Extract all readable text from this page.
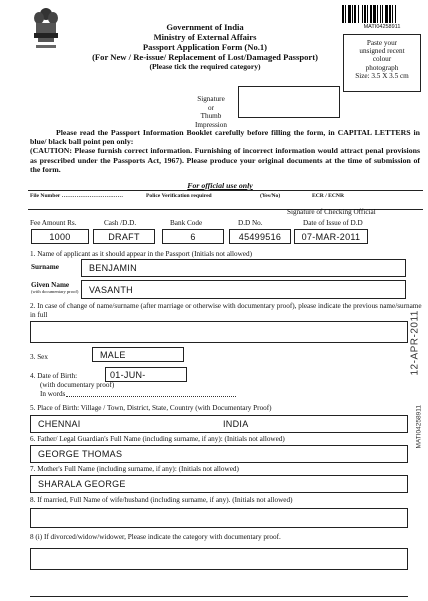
MATI04258911
Government of India
Ministry of External Affairs
Passport Application Form (No.1)
(For New / Re-issue/ Replacement of Lost/Damaged Passport)
(Please tick the required category)
Paste your
unsigned recent
colour
photograph
Size: 3.5 X 3.5 cm
Signature
or
Thumb Impression
Please read the Passport Information Booklet carefully before filling the form, in CAPITAL LETTERS in blue/ black ball point pen only:
(CAUTION: Please furnish correct information. Furnishing of incorrect information would attract penal provisions as prescribed under the Passports Act, 1967). Please produce your original documents at the time of submission of the form.
For official use only
File Number ……………………………	Police Verification required	(Yes/No)	ECR / ECNR
Signature of Checking Official
Fee Amount Rs.	Cash /D.D.	Bank Code	D.D No.	Date of Issue of D.D
1000	DRAFT	6	45499516	07-MAR-2011
1. Name of applicant as it should appear in the Passport (Initials not allowed)
Surname	BENJAMIN
Given Name
(with documentary proof)	VASANTH
2. In case of change of name/surname (after marriage or otherwise with documentary proof), please indicate the previous name/surname in full
3. Sex	MALE
4. Date of Birth:	01-JUN-
(with documentary proof)
In words
5. Place of Birth: Village / Town, District, State, Country (with Documentary Proof)
CHENNAI	INDIA
6. Father/ Legal Guardian's Full Name (including surname, if any): (Initials not allowed)
GEORGE THOMAS
7. Mother's Full Name (including surname, if any): (Initials not allowed)
SHARALA GEORGE
8. If married, Full Name of wife/husband (including surname, if any). (Initials not allowed)
8 (i) If divorced/widow/widower, Please indicate the category with documentary proof.
12-APR-2011
MATI04258911
